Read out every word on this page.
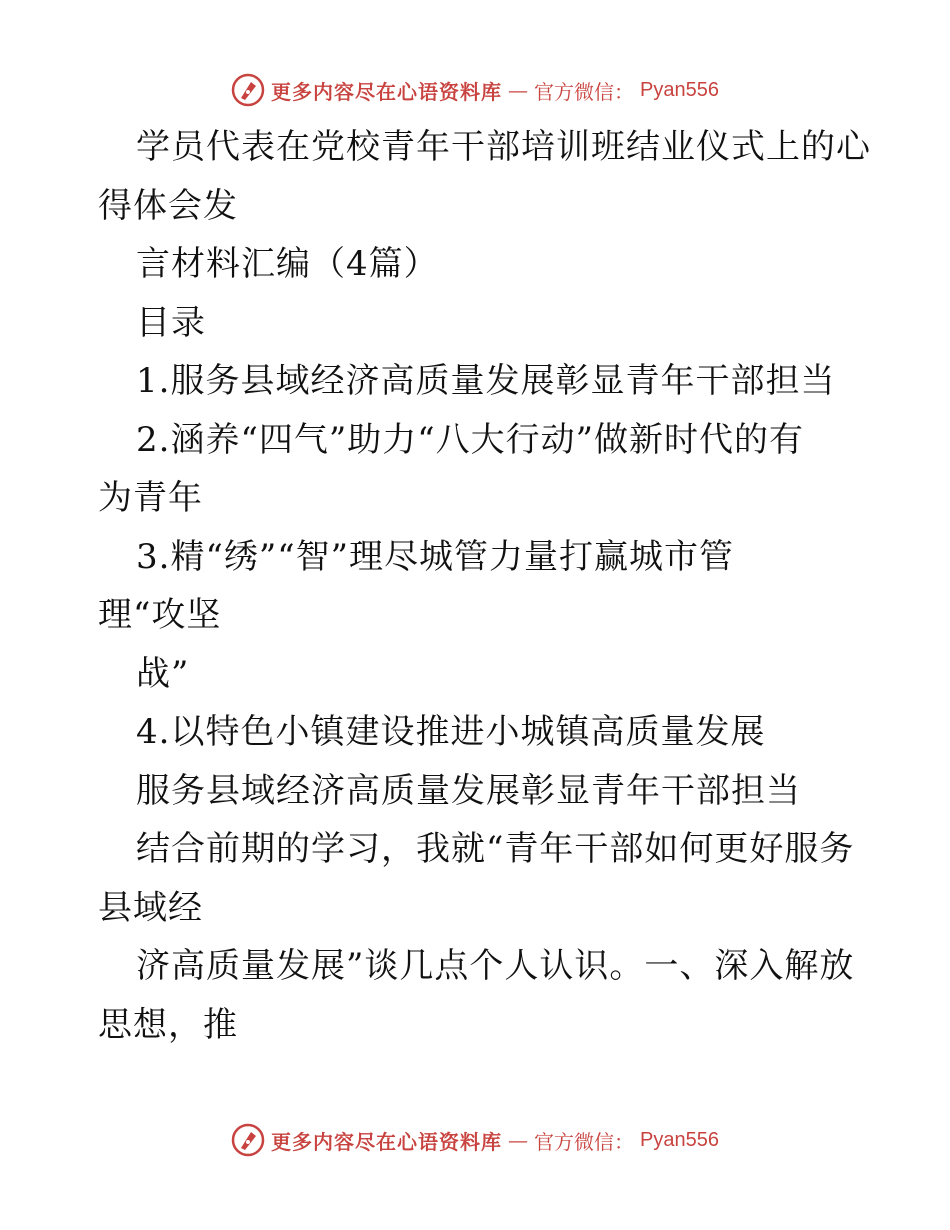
更多内容尽在心语资料库 — 官方微信： Pyan556
学员代表在党校青年干部培训班结业仪式上的心
得体会发
言材料汇编（4篇）
目录
1.服务县域经济高质量发展彰显青年干部担当
2.涵养“四气”助力“八大行动”做新时代的有
为青年
3.精“绣”“智”理尽城管力量打赢城市管
理“攻坚
战”
4.以特色小镇建设推进小城镇高质量发展
服务县域经济高质量发展彰显青年干部担当
结合前期的学习，我就“青年干部如何更好服务
县域经
济高质量发展”谈几点个人认识。一、深入解放
思想，推
更多内容尽在心语资料库 — 官方微信： Pyan556
